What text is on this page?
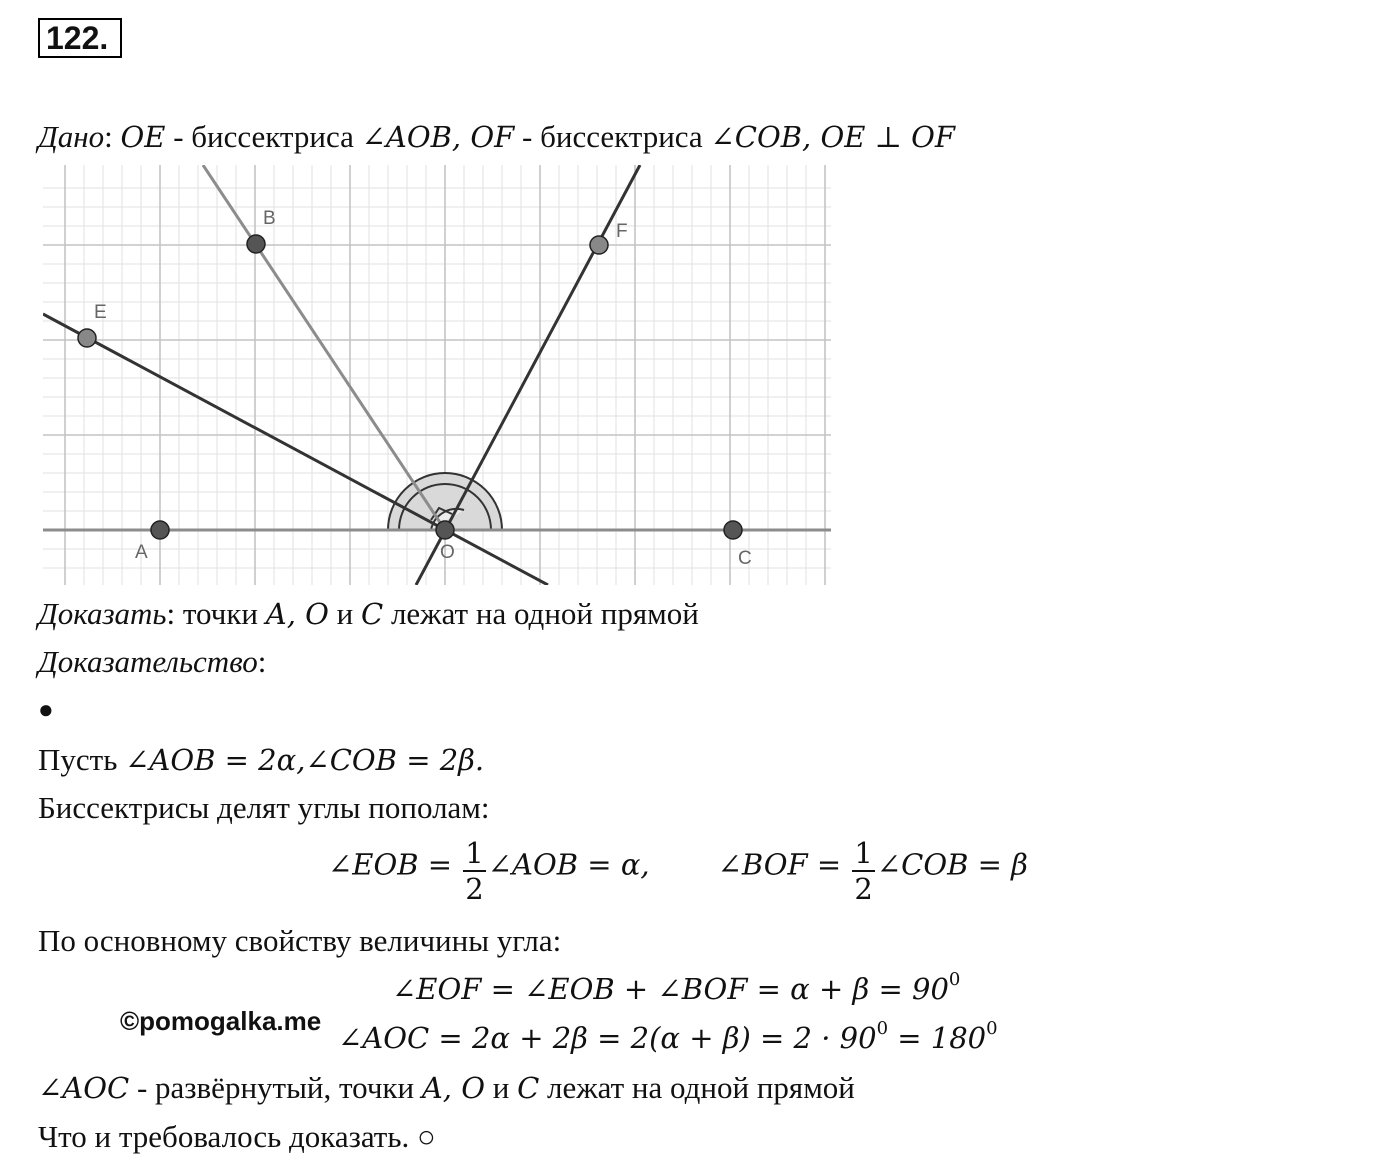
122.
Дано: OE - биссектриса ∠AOB, OF - биссектриса ∠COB, OE ⊥ OF
A	O	C
B
F
E
Доказать: точки A, O и C лежат на одной прямой
Доказательство:
●
Пусть ∠AOB = 2α,∠COB = 2β.
Биссектрисы делят углы пополам:
∠EOB = $\frac{1}{2}$ ∠AOB = α, ∠BOF = $\frac{1}{2}$ ∠COB = β
По основному свойству величины угла:
∠EOF = ∠EOB + ∠BOF = α + β = 900
©pomogalka.me ∠AOC = 2α + 2β = 2(α + β) = 2 · 900 = 1800
∠AOC - развёрнутый, точки A, O и C лежат на одной прямой
Что и требовалось доказать. ○
